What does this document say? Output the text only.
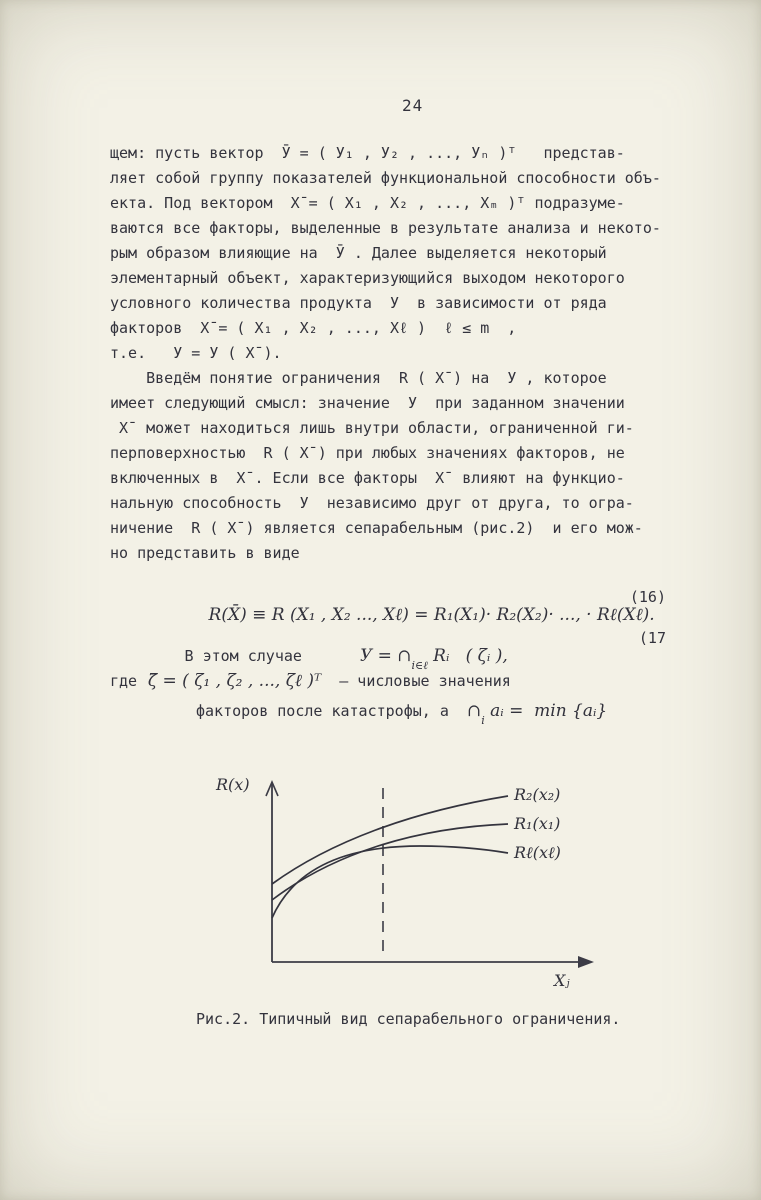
24
щем: пусть вектор  Ӯ = ( У₁ , У₂ , ..., Уₙ )ᵀ   представ-
ляет собой группу показателей функциональной способности объ-
екта. Под вектором  Х̄ = ( Х₁ , Х₂ , ..., Хₘ )ᵀ подразуме-
ваются все факторы, выделенные в результате анализа и некото-
рым образом влияющие на  Ӯ . Далее выделяется некоторый
элементарный объект, характеризующийся выходом некоторого
условного количества продукта  У  в зависимости от ряда
факторов  Х̄ = ( Х₁ , Х₂ , ..., Хℓ )  ℓ ≤ m  ,
т.е.   У = У ( Х̄ ).
Введём понятие ограничения  R ( Х̄ ) на  У , которое
имеет следующий смысл: значение  У  при заданном значении
Х̄  может находиться лишь внутри области, ограниченной ги-
перповерхностью  R ( Х̄ ) при любых значениях факторов, не
включенных в  Х̄ . Если все факторы  Х̄  влияют на функцио-
нальную способность  У  независимо друг от друга, то огра-
ничение  R ( Х̄ ) является сепарабельным (рис.2)  и его мож-
но представить в виде

R(X̄) ≡ R (X₁ , X₂ ..., Xℓ) = R₁(X₁)· R₂(X₂)· ..., · Rℓ(Xℓ).

(16)

В этом случае	$У = \cap_{i\in\ell}$ Rᵢ   ( ζᵢ ),

(17

где  ζ̄ = ( ζ₁ , ζ₂ , ..., ζℓ )ᵀ  – числовые значения
факторов после катастрофы, а  $\cap_i$ aᵢ =  min {aᵢ}
R(x)
R₂(x₂)
R₁(x₁)
Rℓ(xℓ)
Xⱼ
Рис.2. Типичный вид сепарабельного ограничения.
